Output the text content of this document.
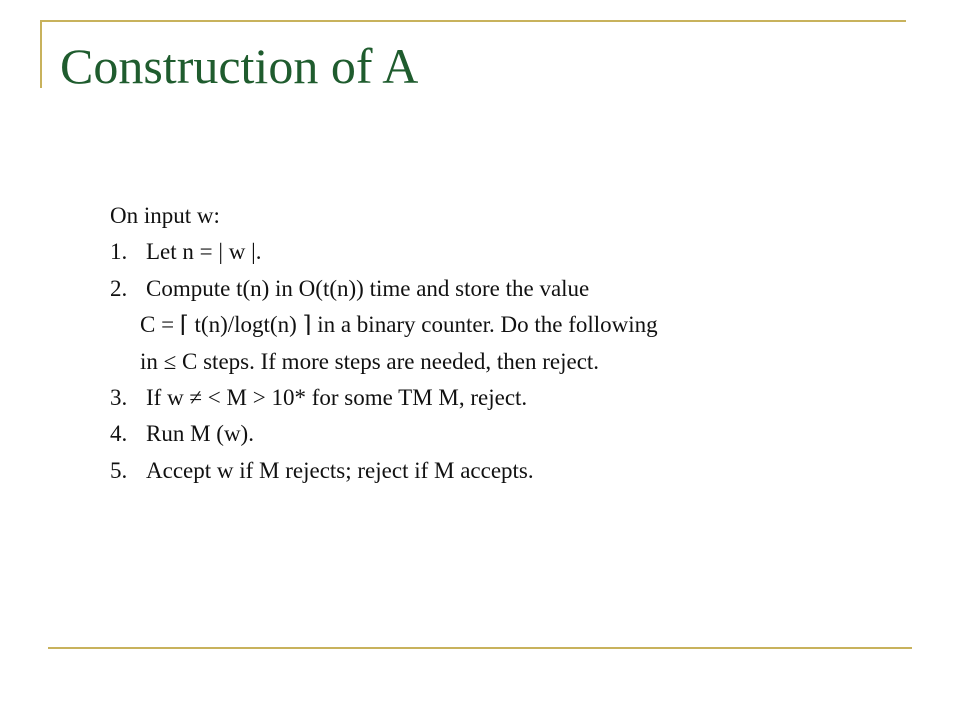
Construction of A
On input w:
1. Let n = | w |.
2. Compute t(n) in O(t(n)) time and store the value
C = ⌈ t(n)/logt(n) ⌉ in a binary counter. Do the following
in ≤ C steps. If more steps are needed, then reject.
3. If w ≠ < M > 10* for some TM M, reject.
4. Run M (w).
5. Accept w if M rejects; reject if M accepts.
